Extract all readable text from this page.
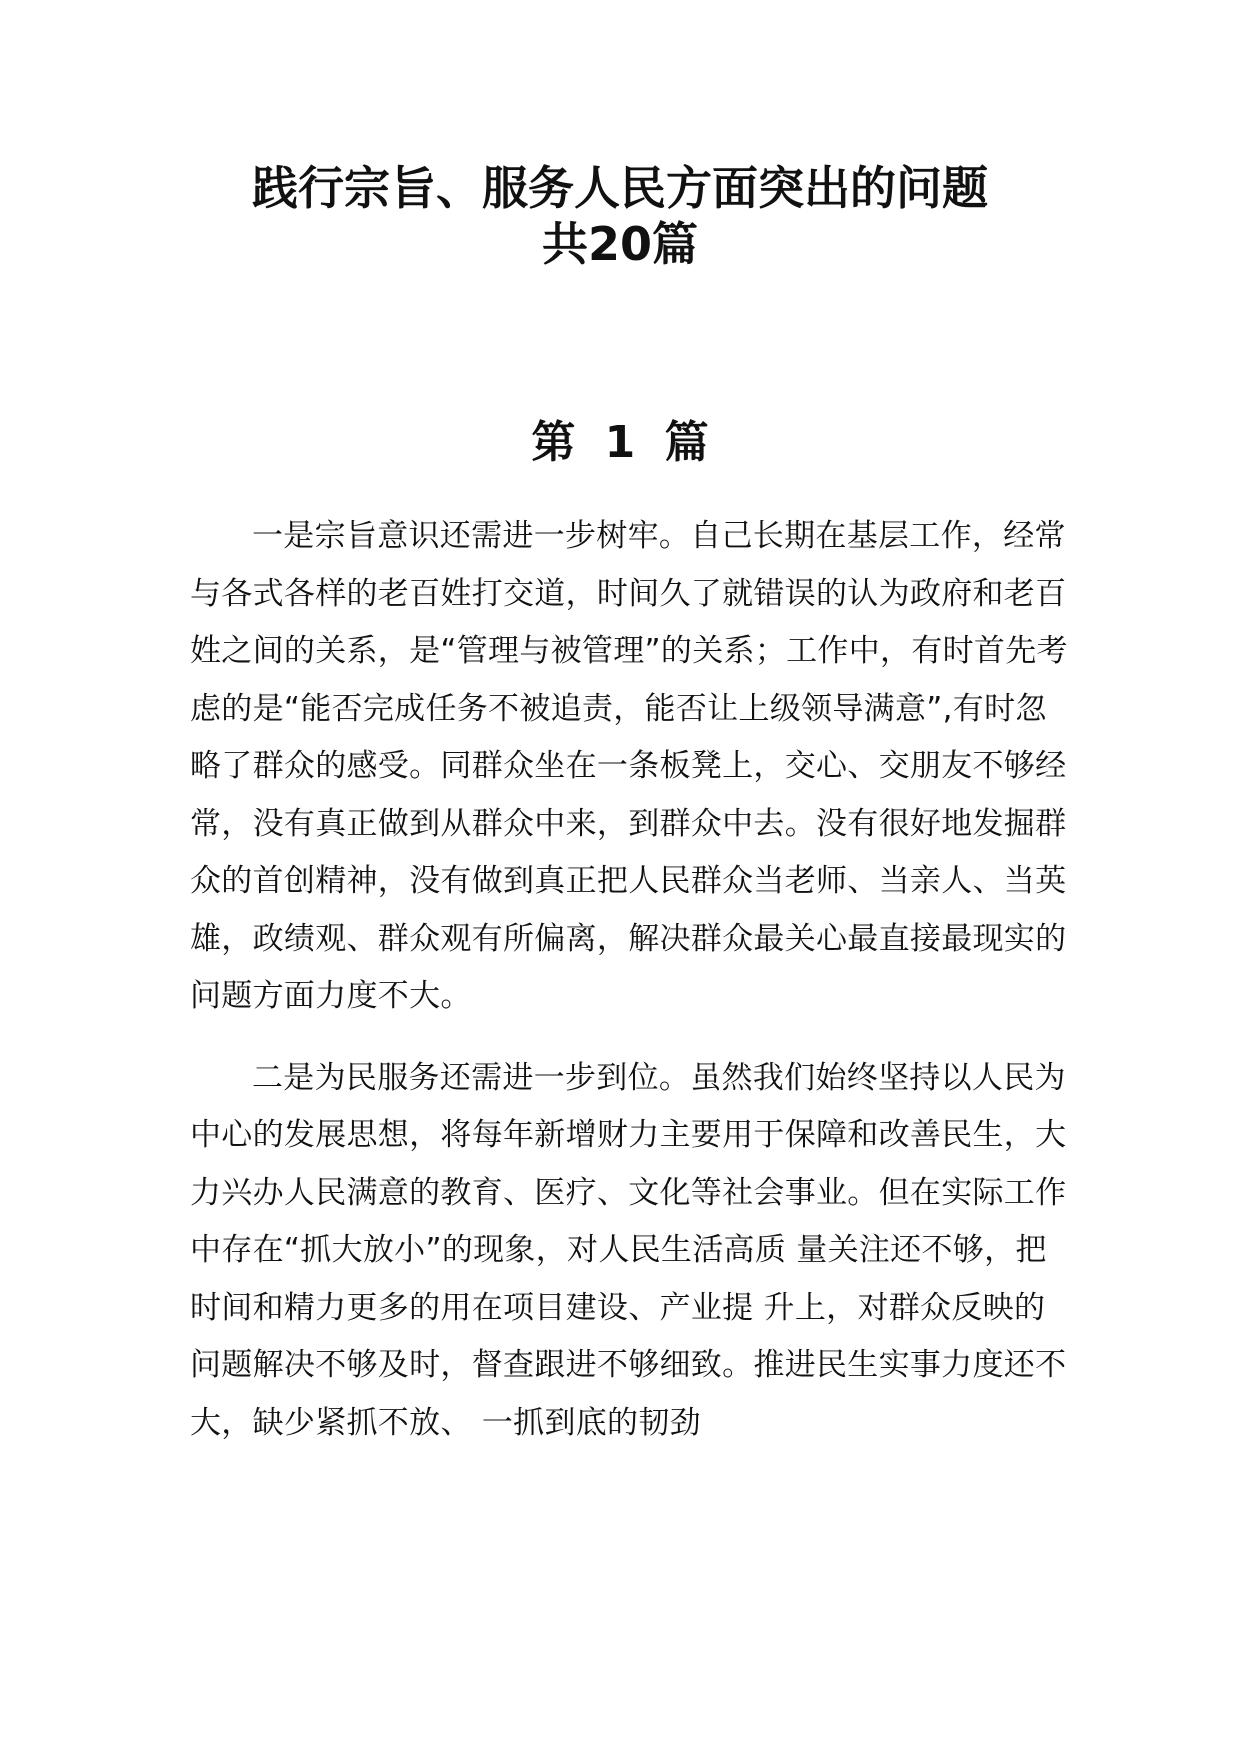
践行宗旨、服务人民方面突出的问题
共20篇
第 1 篇

一是宗旨意识还需进一步树牢。自己长期在基层工作，经常与各式各样的老百姓打交道，时间久了就错误的认为政府和老百姓之间的关系，是“管理与被管理”的关系；工作中，有时首先考虑的是“能否完成任务不被追责，能否让上级领导满意”,有时忽略了群众的感受。同群众坐在一条板凳上，交心、交朋友不够经常，没有真正做到从群众中来，到群众中去。没有很好地发掘群众的首创精神，没有做到真正把人民群众当老师、当亲人、当英雄，政绩观、群众观有所偏离，解决群众最关心最直接最现实的问题方面力度不大。

二是为民服务还需进一步到位。虽然我们始终坚持以人民为中心的发展思想，将每年新增财力主要用于保障和改善民生，大力兴办人民满意的教育、医疗、文化等社会事业。但在实际工作中存在“抓大放小”的现象，对人民生活高质 量关注还不够，把时间和精力更多的用在项目建设、产业提 升上，对群众反映的问题解决不够及时，督查跟进不够细致。推进民生实事力度还不大，缺少紧抓不放、 一抓到底的韧劲
